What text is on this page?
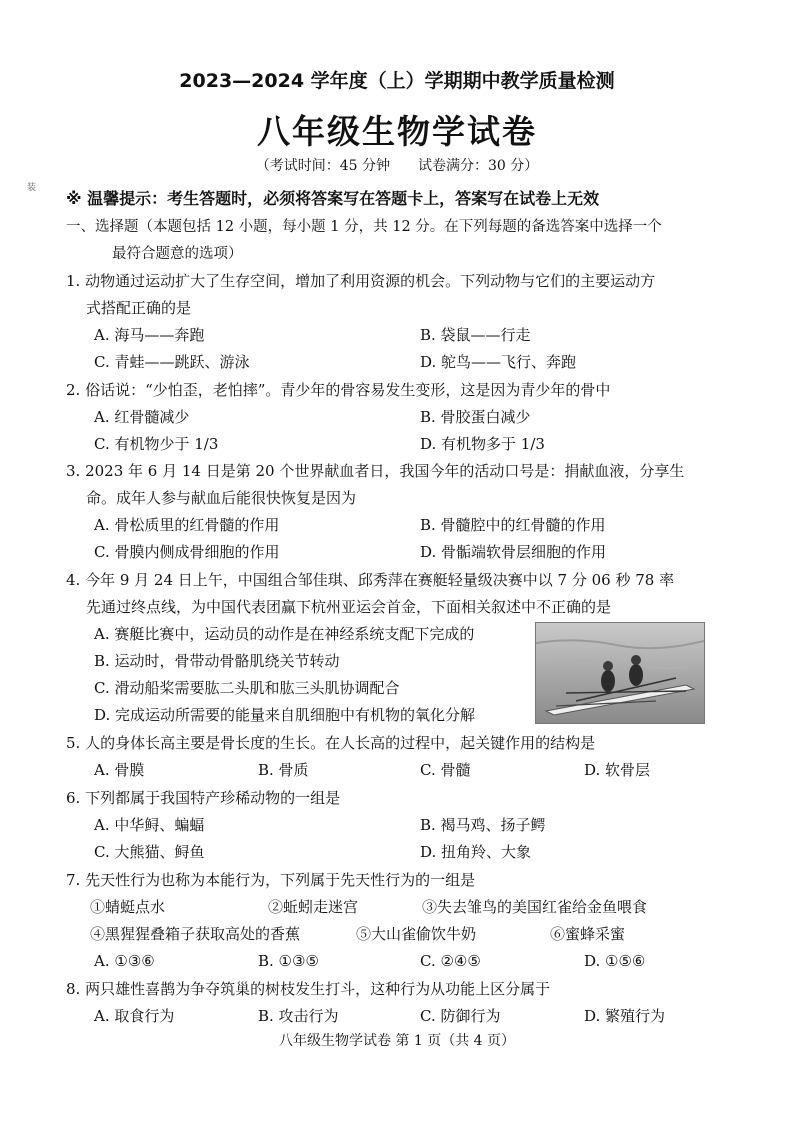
2023—2024 学年度（上）学期期中教学质量检测
八年级生物学试卷
（考试时间：45 分钟　　试卷满分：30 分）
装
※ 温馨提示：考生答题时，必须将答案写在答题卡上，答案写在试卷上无效
一、选择题（本题包括 12 小题，每小题 1 分，共 12 分。在下列每题的备选答案中选择一个
最符合题意的选项）
1. 动物通过运动扩大了生存空间，增加了利用资源的机会。下列动物与它们的主要运动方
式搭配正确的是
A. 海马——奔跑	B. 袋鼠——行走
C. 青蛙——跳跃、游泳	D. 鸵鸟——飞行、奔跑
2. 俗话说：“少怕歪，老怕摔”。青少年的骨容易发生变形，这是因为青少年的骨中
A. 红骨髓减少	B. 骨胶蛋白减少
C. 有机物少于 1/3	D. 有机物多于 1/3
3. 2023 年 6 月 14 日是第 20 个世界献血者日，我国今年的活动口号是：捐献血液，分享生
命。成年人参与献血后能很快恢复是因为
A. 骨松质里的红骨髓的作用	B. 骨髓腔中的红骨髓的作用
C. 骨膜内侧成骨细胞的作用	D. 骨骺端软骨层细胞的作用
4. 今年 9 月 24 日上午，中国组合邹佳琪、邱秀萍在赛艇轻量级决赛中以 7 分 06 秒 78 率
先通过终点线，为中国代表团赢下杭州亚运会首金，下面相关叙述中不正确的是
A. 赛艇比赛中，运动员的动作是在神经系统支配下完成的
B. 运动时，骨带动骨骼肌绕关节转动
C. 滑动船桨需要肱二头肌和肱三头肌协调配合
D. 完成运动所需要的能量来自肌细胞中有机物的氧化分解
5. 人的身体长高主要是骨长度的生长。在人长高的过程中，起关键作用的结构是
A. 骨膜	B. 骨质	C. 骨髓	D. 软骨层
6. 下列都属于我国特产珍稀动物的一组是
A. 中华鲟、蝙蝠	B. 褐马鸡、扬子鳄
C. 大熊猫、鲟鱼	D. 扭角羚、大象
7. 先天性行为也称为本能行为，下列属于先天性行为的一组是
①蜻蜓点水	②蚯蚓走迷宫	③失去雏鸟的美国红雀给金鱼喂食
④黑猩猩叠箱子获取高处的香蕉	⑤大山雀偷饮牛奶	⑥蜜蜂采蜜
A. ①③⑥	B. ①③⑤	C. ②④⑤	D. ①⑤⑥
8. 两只雄性喜鹊为争夺筑巢的树枝发生打斗，这种行为从功能上区分属于
A. 取食行为	B. 攻击行为	C. 防御行为	D. 繁殖行为
八年级生物学试卷 第 1 页（共 4 页）
